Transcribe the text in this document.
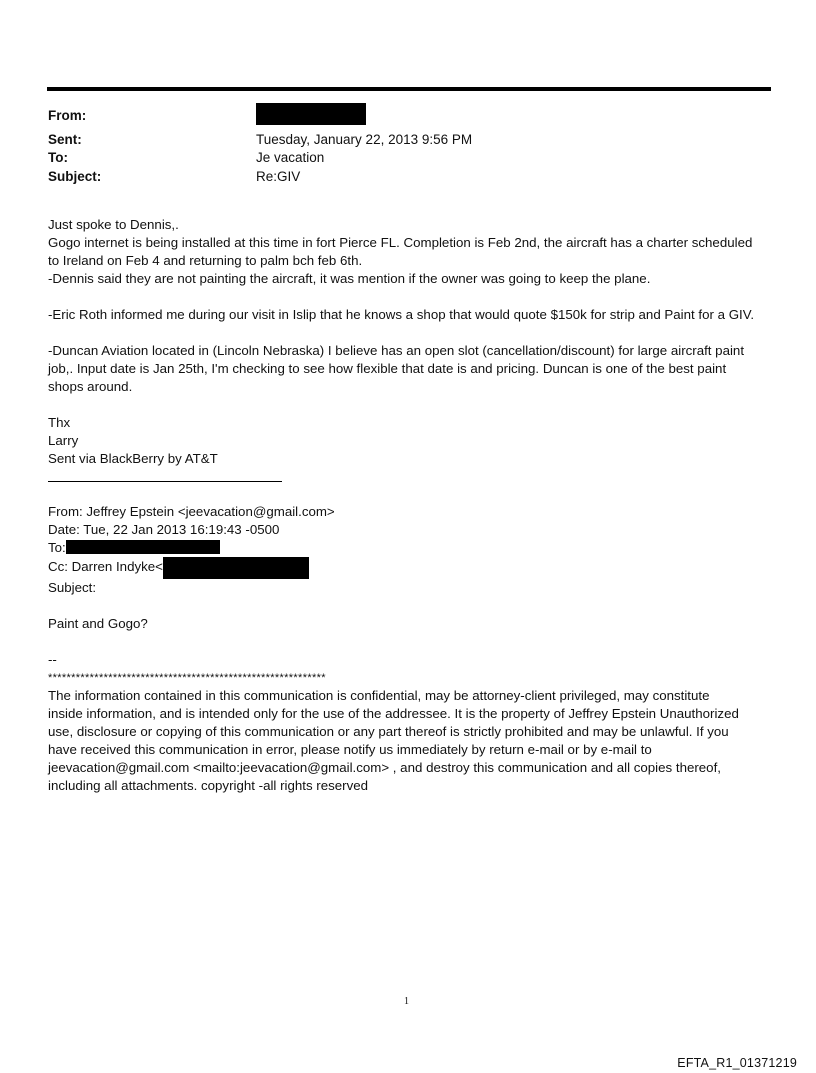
From:
Sent:	Tuesday, January 22, 2013 9:56 PM
To:	Je vacation
Subject:	Re:GIV

Just spoke to Dennis,.

Gogo internet is being installed at this time in fort Pierce FL. Completion is Feb 2nd, the aircraft has a charter scheduled

to Ireland on Feb 4 and returning to palm bch feb 6th.

-Dennis said they are not painting the aircraft, it was mention if the owner was going to keep the plane.

-Eric Roth informed me during our visit in Islip that he knows a shop that would quote $150k for strip and Paint for a GIV.

-Duncan Aviation located in (Lincoln Nebraska) I believe has an open slot (cancellation/discount) for large aircraft paint

job,. Input date is Jan 25th, I'm checking to see how flexible that date is and pricing. Duncan is one of the best paint

shops around.

Thx

Larry

Sent via BlackBerry by AT&T

From: Jeffrey Epstein <jeevacation@gmail.com>

Date: Tue, 22 Jan 2013 16:19:43 -0500

To:

Cc: Darren Indyke<

Subject:

Paint and Gogo?

--

************************************************************

The information contained in this communication is confidential, may be attorney-client privileged, may constitute

inside information, and is intended only for the use of the addressee. It is the property of Jeffrey Epstein Unauthorized

use, disclosure or copying of this communication or any part thereof is strictly prohibited and may be unlawful. If you

have received this communication in error, please notify us immediately by return e-mail or by e-mail to

jeevacation@gmail.com <mailto:jeevacation@gmail.com> , and destroy this communication and all copies thereof,

including all attachments. copyright -all rights reserved

1
EFTA_R1_01371219
